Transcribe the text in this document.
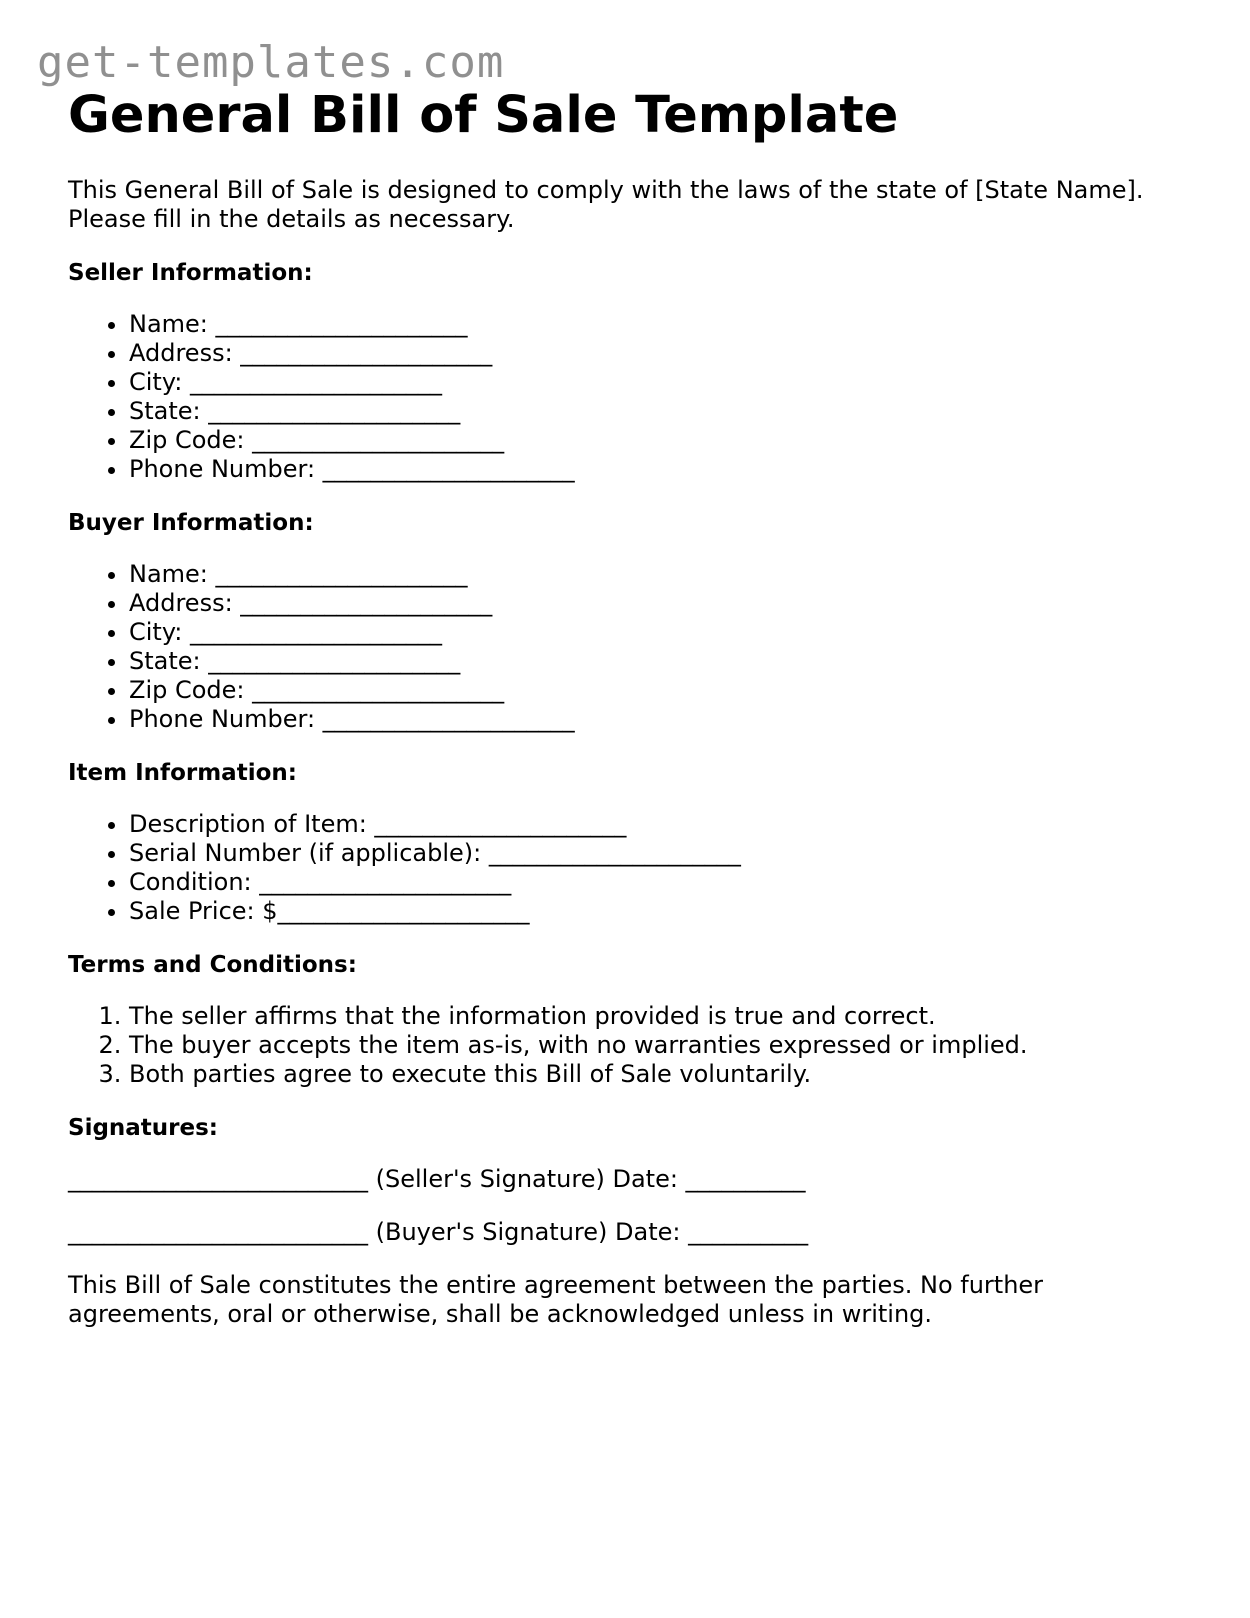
get-templates.com
General Bill of Sale Template

This General Bill of Sale is designed to comply with the laws of the state of [State Name]. Please fill in the details as necessary.

Seller Information:
• Name: _____________________
• Address: _____________________
• City: _____________________
• State: _____________________
• Zip Code: _____________________
• Phone Number: _____________________
Buyer Information:
• Name: _____________________
• Address: _____________________
• City: _____________________
• State: _____________________
• Zip Code: _____________________
• Phone Number: _____________________
Item Information:
• Description of Item: _____________________
• Serial Number (if applicable): _____________________
• Condition: _____________________
• Sale Price: $_____________________
Terms and Conditions:
1. The seller affirms that the information provided is true and correct.
2. The buyer accepts the item as-is, with no warranties expressed or implied.
3. Both parties agree to execute this Bill of Sale voluntarily.
Signatures:

_________________________ (Seller's Signature) Date: __________

_________________________ (Buyer's Signature) Date: __________

This Bill of Sale constitutes the entire agreement between the parties. No further agreements, oral or otherwise, shall be acknowledged unless in writing.
